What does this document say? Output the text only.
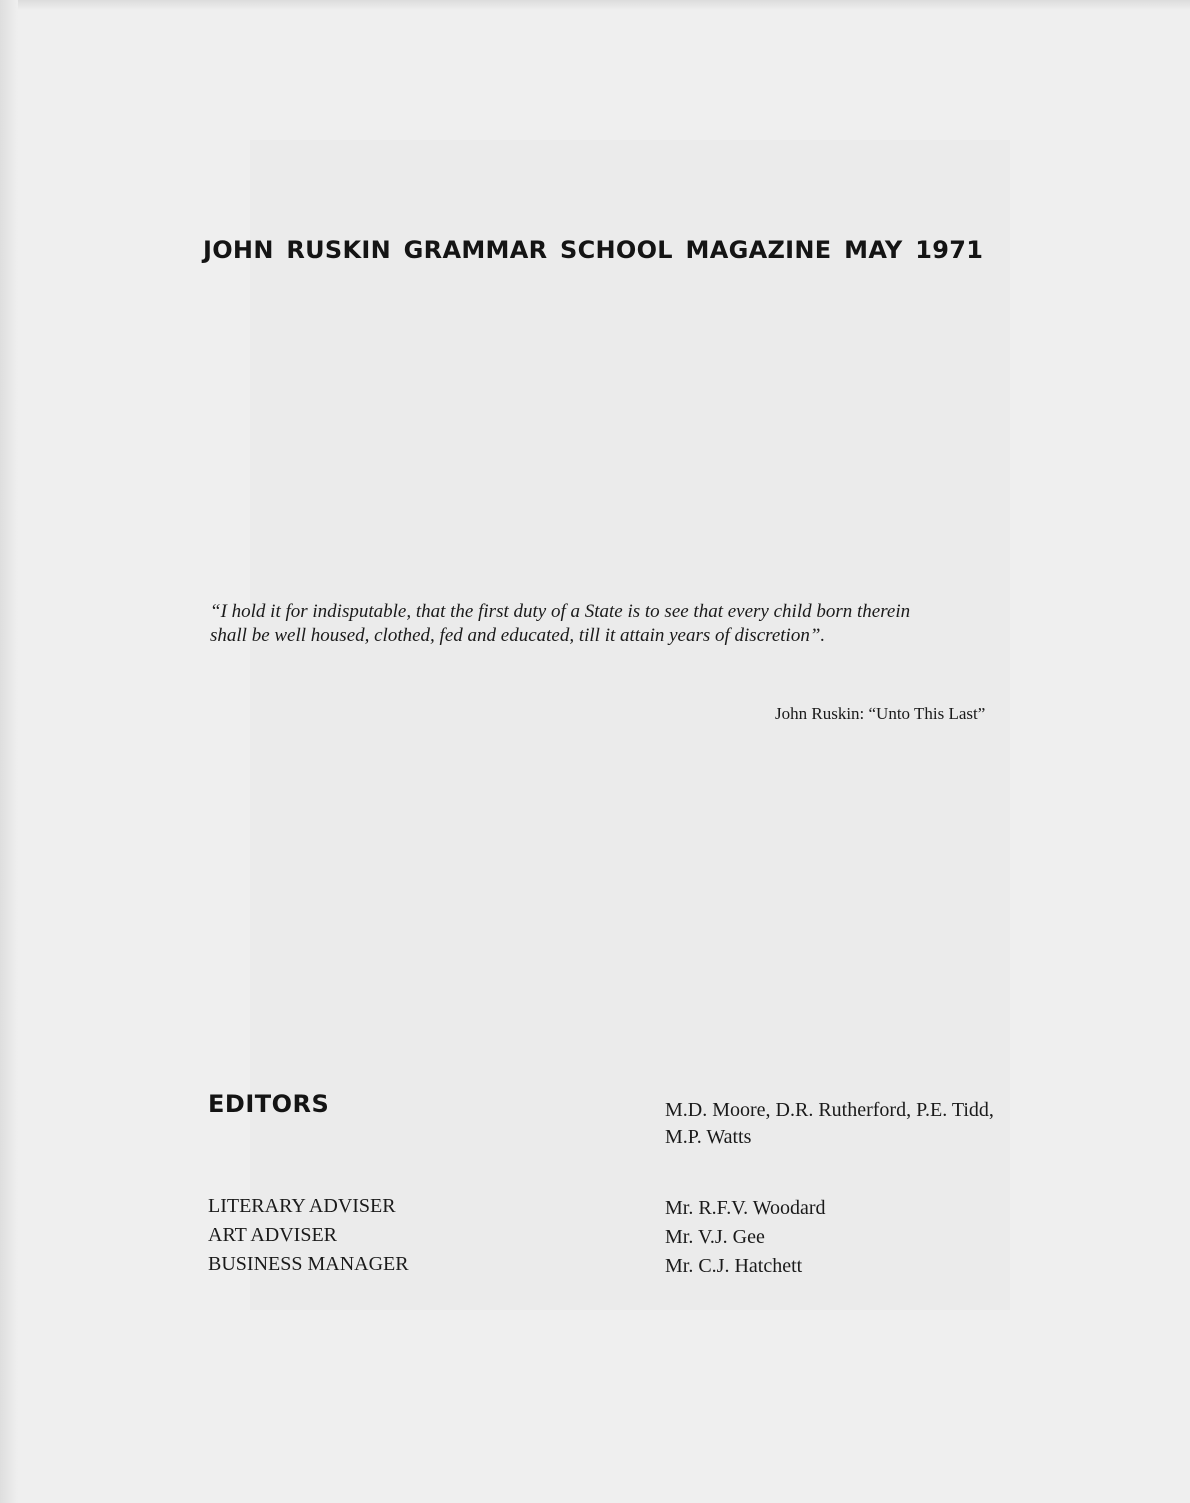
JOHN RUSKIN GRAMMAR SCHOOL MAGAZINE MAY 1971
“I hold it for indisputable, that the first duty of a State is to see that every child born therein
shall be well housed, clothed, fed and educated, till it attain years of discretion”.
John Ruskin: “Unto This Last”
EDITORS	M.D. Moore, D.R. Rutherford, P.E. Tidd,
M.P. Watts
LITERARY ADVISER
ART ADVISER
BUSINESS MANAGER
Mr. R.F.V. Woodard
Mr. V.J. Gee
Mr. C.J. Hatchett
